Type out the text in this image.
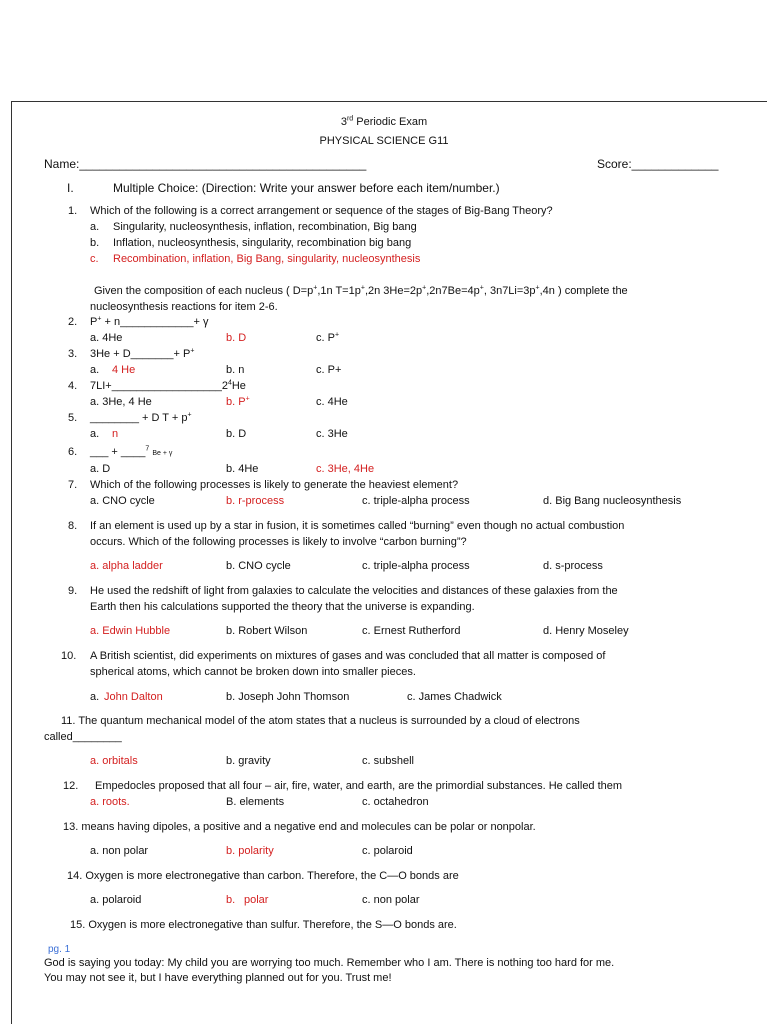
3rd Periodic Exam
PHYSICAL SCIENCE G11
Name:___________________________________________	Score:_____________
I.	Multiple Choice: (Direction: Write your answer before each item/number.)
1. Which of the following is a correct arrangement or sequence of the stages of Big-Bang Theory?
a. Singularity, nucleosynthesis, inflation, recombination, Big bang
b. Inflation, nucleosynthesis, singularity, recombination big bang
c. Recombination, inflation, Big Bang, singularity, nucleosynthesis
Given the composition of each nucleus ( D=p+,1n T=1p+,2n 3He=2p+,2n7Be=4p+, 3n7Li=3p+,4n ) complete the
nucleosynthesis reactions for item 2-6.
2. P+ + n____________+ γ
a. 4He	b. D	c. P+
3. 3He + D_______+ P+
a. 4 He	b. n	c. P+
4. $7LI+\_\_\_\_\_\_\_\_\_\_\_\_\_\_\_\_\_\_2^4He$
a. 3He, 4 He	b. P+	c. 4He
5. ________ + D T + p+
a. n	b. D	c. 3He
6. ___ + ____$^7$ Be + γ
a. D	b. 4He	c. 3He, 4He
7. Which of the following processes is likely to generate the heaviest element?
a. CNO cycle	b. r-process	c. triple-alpha process	d. Big Bang nucleosynthesis
8. If an element is used up by a star in fusion, it is sometimes called “burning” even though no actual combustion
occurs. Which of the following processes is likely to involve “carbon burning”?
a. alpha ladder	b. CNO cycle	c. triple-alpha process	d. s-process
9. He used the redshift of light from galaxies to calculate the velocities and distances of these galaxies from the
Earth then his calculations supported the theory that the universe is expanding.
a. Edwin Hubble	b. Robert Wilson	c. Ernest Rutherford	d. Henry Moseley
10. A British scientist, did experiments on mixtures of gases and was concluded that all matter is composed of
spherical atoms, which cannot be broken down into smaller pieces.
a. John Dalton	b. Joseph John Thomson	c. James Chadwick
11. The quantum mechanical model of the atom states that a nucleus is surrounded by a cloud of electrons
called________
a. orbitals	b. gravity	c. subshell
12. Empedocles proposed that all four – air, fire, water, and earth, are the primordial substances. He called them
a. roots.	B. elements	c. octahedron
13. means having dipoles, a positive and a negative end and molecules can be polar or nonpolar.
a. non polar	b. polarity	c. polaroid
14. Oxygen is more electronegative than carbon. Therefore, the C—O bonds are
a. polaroid	b. polar	c. non polar
15. Oxygen is more electronegative than sulfur. Therefore, the S—O bonds are.
pg. 1
God is saying you today: My child you are worrying too much. Remember who I am. There is nothing too hard for me.
You may not see it, but I have everything planned out for you. Trust me!
